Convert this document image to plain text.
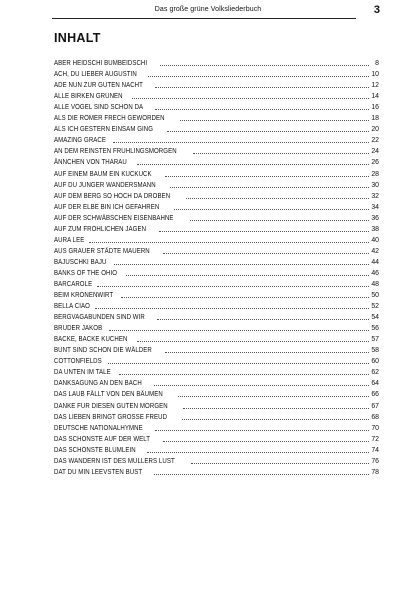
Das große grüne Volksliederbuch	3
INHALT
ABER HEIDSCHI BUMBEIDSCHI	8
ACH, DU LIEBER AUGUSTIN	10
ADE NUN ZUR GUTEN NACHT	12
ALLE BIRKEN GRÜNEN	14
ALLE VÖGEL SIND SCHON DA	16
ALS DIE RÖMER FRECH GEWORDEN	18
ALS ICH GESTERN EINSAM GING	20
AMAZING GRACE	22
AN DEM REINSTEN FRÜHLINGSMORGEN	24
ÄNNCHEN VON THARAU	26
AUF EINEM BAUM EIN KUCKUCK	28
AUF DU JUNGER WANDERSMANN	30
AUF DEM BERG SO HOCH DA DROBEN	32
AUF DER ELBE BIN ICH GEFAHREN	34
AUF DER SCHWÄBSCHEN EISENBAHNE	36
AUF ZUM FRÖHLICHEN JAGEN	38
AURA LEE	40
AUS GRAUER STÄDTE MAUERN	42
BAJUSCHKI BAJU	44
BANKS OF THE OHIO	46
BARCAROLE	48
BEIM KRONENWIRT	50
BELLA CIAO	52
BERGVAGABUNDEN SIND WIR	54
BRUDER JAKOB	56
BACKE, BACKE KUCHEN	57
BUNT SIND SCHON DIE WÄLDER	58
COTTONFIELDS	60
DA UNTEN IM TALE	62
DANKSAGUNG AN DEN BACH	64
DAS LAUB FÄLLT VON DEN BÄUMEN	66
DANKE FÜR DIESEN GUTEN MORGEN	67
DAS LIEBEN BRINGT GROSSE FREUD	68
DEUTSCHE NATIONALHYMNE	70
DAS SCHÖNSTE AUF DER WELT	72
DAS SCHÖNSTE BLÜMLEIN	74
DAS WANDERN IST DES MÜLLERS LUST	76
DAT DU MIN LEEVSTEN BÜST	78
